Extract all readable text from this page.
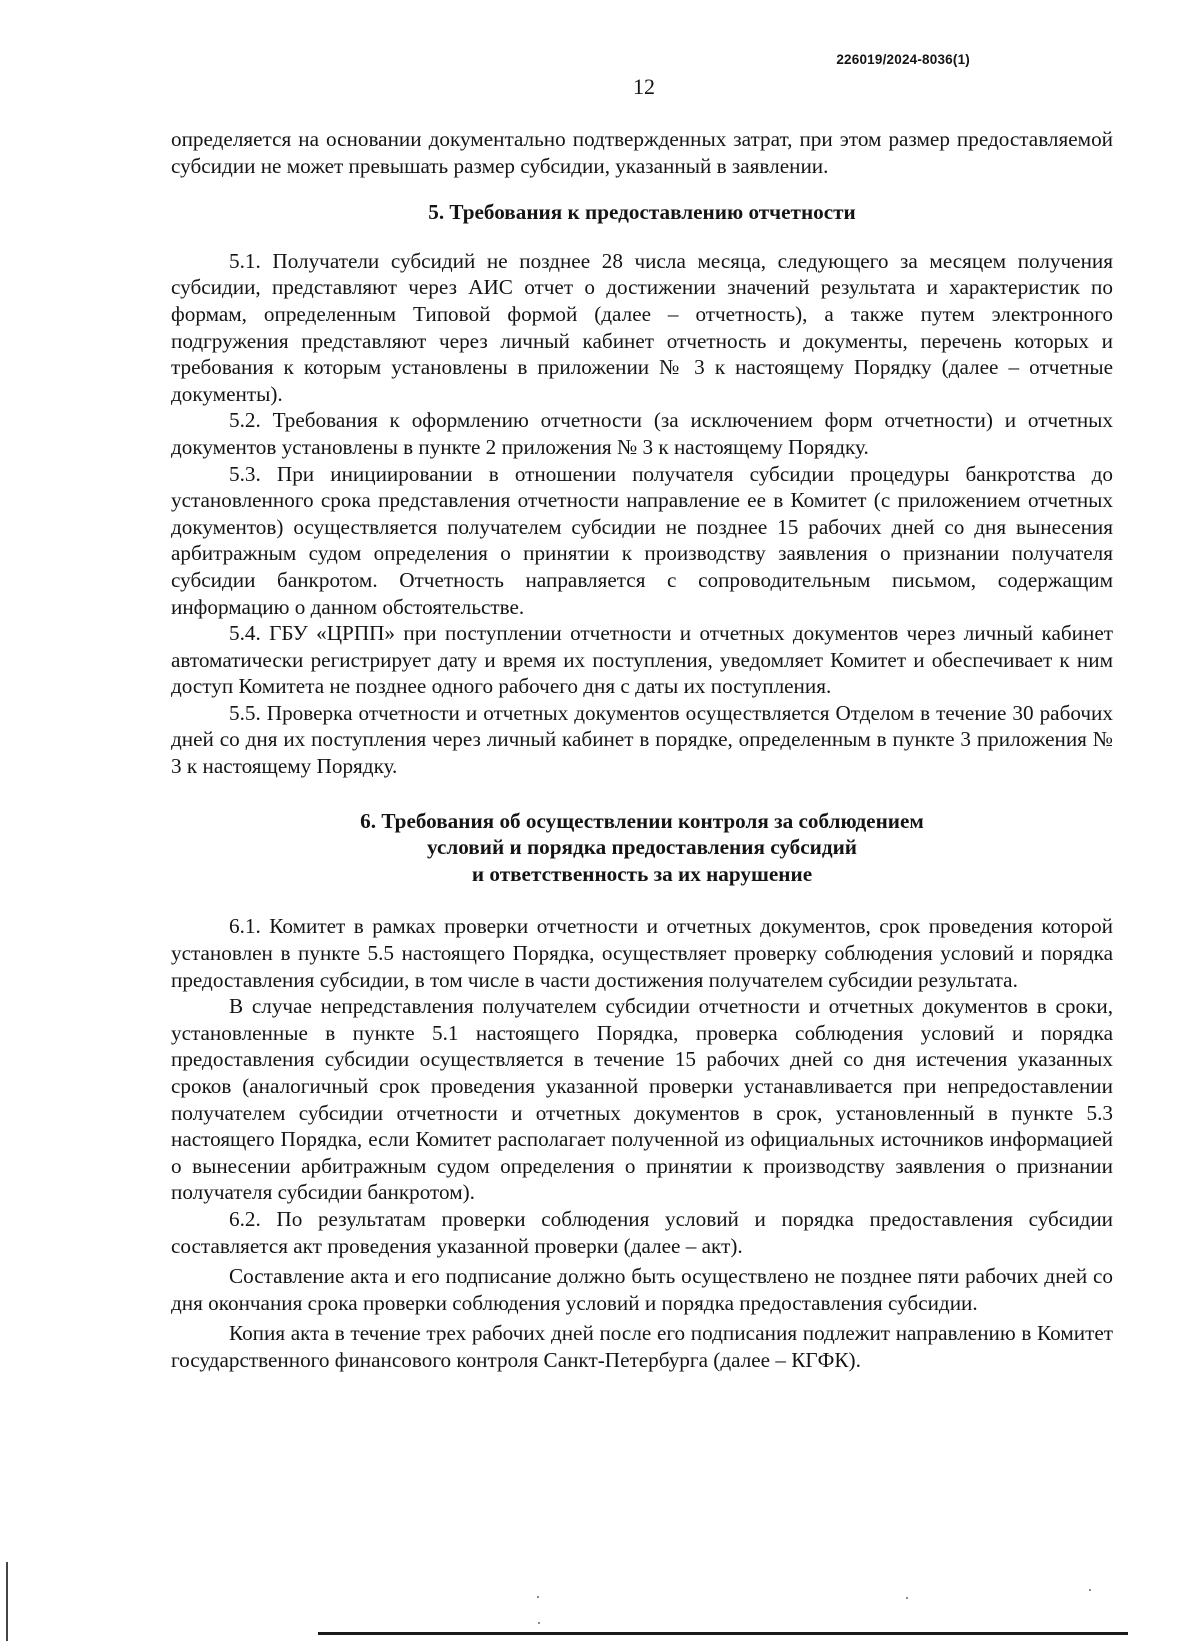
226019/2024-8036(1)
12

определяется на основании документально подтвержденных затрат, при этом размер предоставляемой субсидии не может превышать размер субсидии, указанный в заявлении.

5. Требования к предоставлению отчетности

5.1. Получатели субсидий не позднее 28 числа месяца, следующего за месяцем получения субсидии, представляют через АИС отчет о достижении значений результата и характеристик по формам, определенным Типовой формой (далее – отчетность), а также путем электронного подгружения представляют через личный кабинет отчетность и документы, перечень которых и требования к которым установлены в приложении № 3 к настоящему Порядку (далее – отчетные документы).

5.2. Требования к оформлению отчетности (за исключением форм отчетности) и отчетных документов установлены в пункте 2 приложения № 3 к настоящему Порядку.

5.3. При инициировании в отношении получателя субсидии процедуры банкротства до установленного срока представления отчетности направление ее в Комитет (с приложением отчетных документов) осуществляется получателем субсидии не позднее 15 рабочих дней со дня вынесения арбитражным судом определения о принятии к производству заявления о признании получателя субсидии банкротом. Отчетность направляется с сопроводительным письмом, содержащим информацию о данном обстоятельстве.

5.4. ГБУ «ЦРПП» при поступлении отчетности и отчетных документов через личный кабинет автоматически регистрирует дату и время их поступления, уведомляет Комитет и обеспечивает к ним доступ Комитета не позднее одного рабочего дня с даты их поступления.

5.5. Проверка отчетности и отчетных документов осуществляется Отделом в течение 30 рабочих дней со дня их поступления через личный кабинет в порядке, определенным в пункте 3 приложения № 3 к настоящему Порядку.

6. Требования об осуществлении контроля за соблюдением
условий и порядка предоставления субсидий
и ответственность за их нарушение

6.1. Комитет в рамках проверки отчетности и отчетных документов, срок проведения которой установлен в пункте 5.5 настоящего Порядка, осуществляет проверку соблюдения условий и порядка предоставления субсидии, в том числе в части достижения получателем субсидии результата.

В случае непредставления получателем субсидии отчетности и отчетных документов в сроки, установленные в пункте 5.1 настоящего Порядка, проверка соблюдения условий и порядка предоставления субсидии осуществляется в течение 15 рабочих дней со дня истечения указанных сроков (аналогичный срок проведения указанной проверки устанавливается при непредоставлении получателем субсидии отчетности и отчетных документов в срок, установленный в пункте 5.3 настоящего Порядка, если Комитет располагает полученной из официальных источников информацией о вынесении арбитражным судом определения о принятии к производству заявления о признании получателя субсидии банкротом).

6.2. По результатам проверки соблюдения условий и порядка предоставления субсидии составляется акт проведения указанной проверки (далее – акт).

Составление акта и его подписание должно быть осуществлено не позднее пяти рабочих дней со дня окончания срока проверки соблюдения условий и порядка предоставления субсидии.

Копия акта в течение трех рабочих дней после его подписания подлежит направлению в Комитет государственного финансового контроля Санкт-Петербурга (далее – КГФК).
